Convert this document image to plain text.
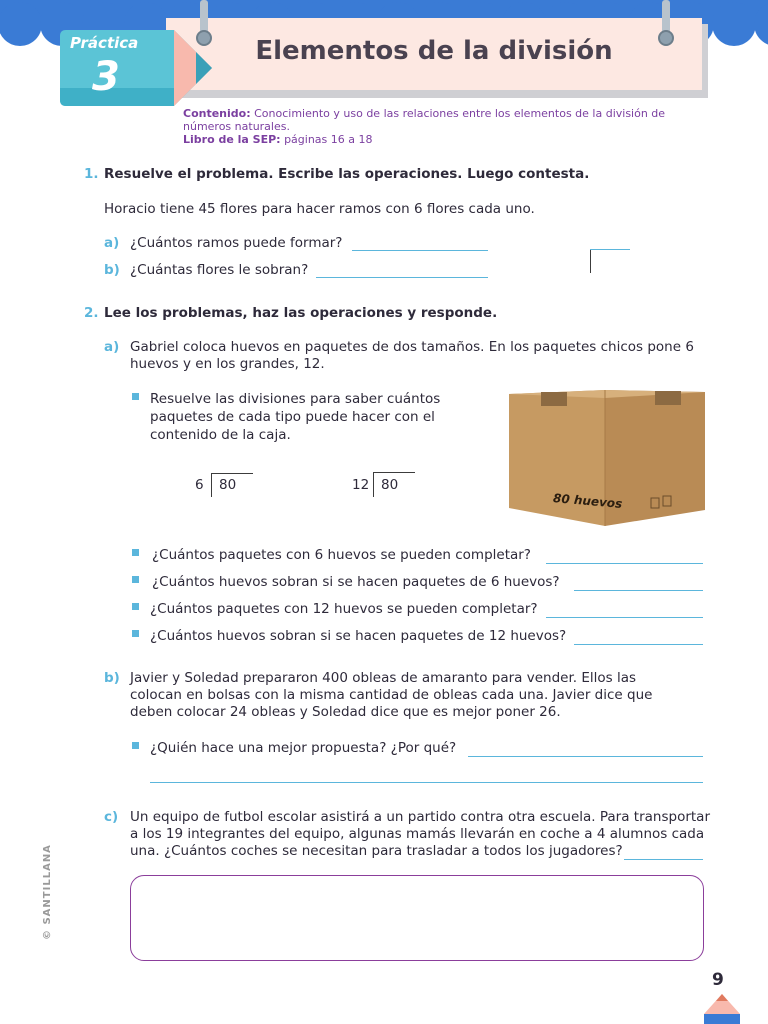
Elementos de la división
Práctica
3
Contenido: Conocimiento y uso de las relaciones entre los elementos de la división de números naturales.
Libro de la SEP: páginas 16 a 18
1. Resuelve el problema. Escribe las operaciones. Luego contesta.
Horacio tiene 45 flores para hacer ramos con 6 flores cada uno.
a) ¿Cuántos ramos puede formar?
b) ¿Cuántas flores le sobran?
2. Lee los problemas, haz las operaciones y responde.
a) Gabriel coloca huevos en paquetes de dos tamaños. En los paquetes chicos pone 6
huevos y en los grandes, 12.
Resuelve las divisiones para saber cuántos
paquetes de cada tipo puede hacer con el
contenido de la caja.
6 80	12 80
80 huevos
¿Cuántos paquetes con 6 huevos se pueden completar?
¿Cuántos huevos sobran si se hacen paquetes de 6 huevos?
¿Cuántos paquetes con 12 huevos se pueden completar?
¿Cuántos huevos sobran si se hacen paquetes de 12 huevos?
b) Javier y Soledad prepararon 400 obleas de amaranto para vender. Ellos las
colocan en bolsas con la misma cantidad de obleas cada una. Javier dice que
deben colocar 24 obleas y Soledad dice que es mejor poner 26.
¿Quién hace una mejor propuesta? ¿Por qué?
c) Un equipo de futbol escolar asistirá a un partido contra otra escuela. Para transportar
a los 19 integrantes del equipo, algunas mamás llevarán en coche a 4 alumnos cada
una. ¿Cuántos coches se necesitan para trasladar a todos los jugadores?
© SANTILLANA
9
